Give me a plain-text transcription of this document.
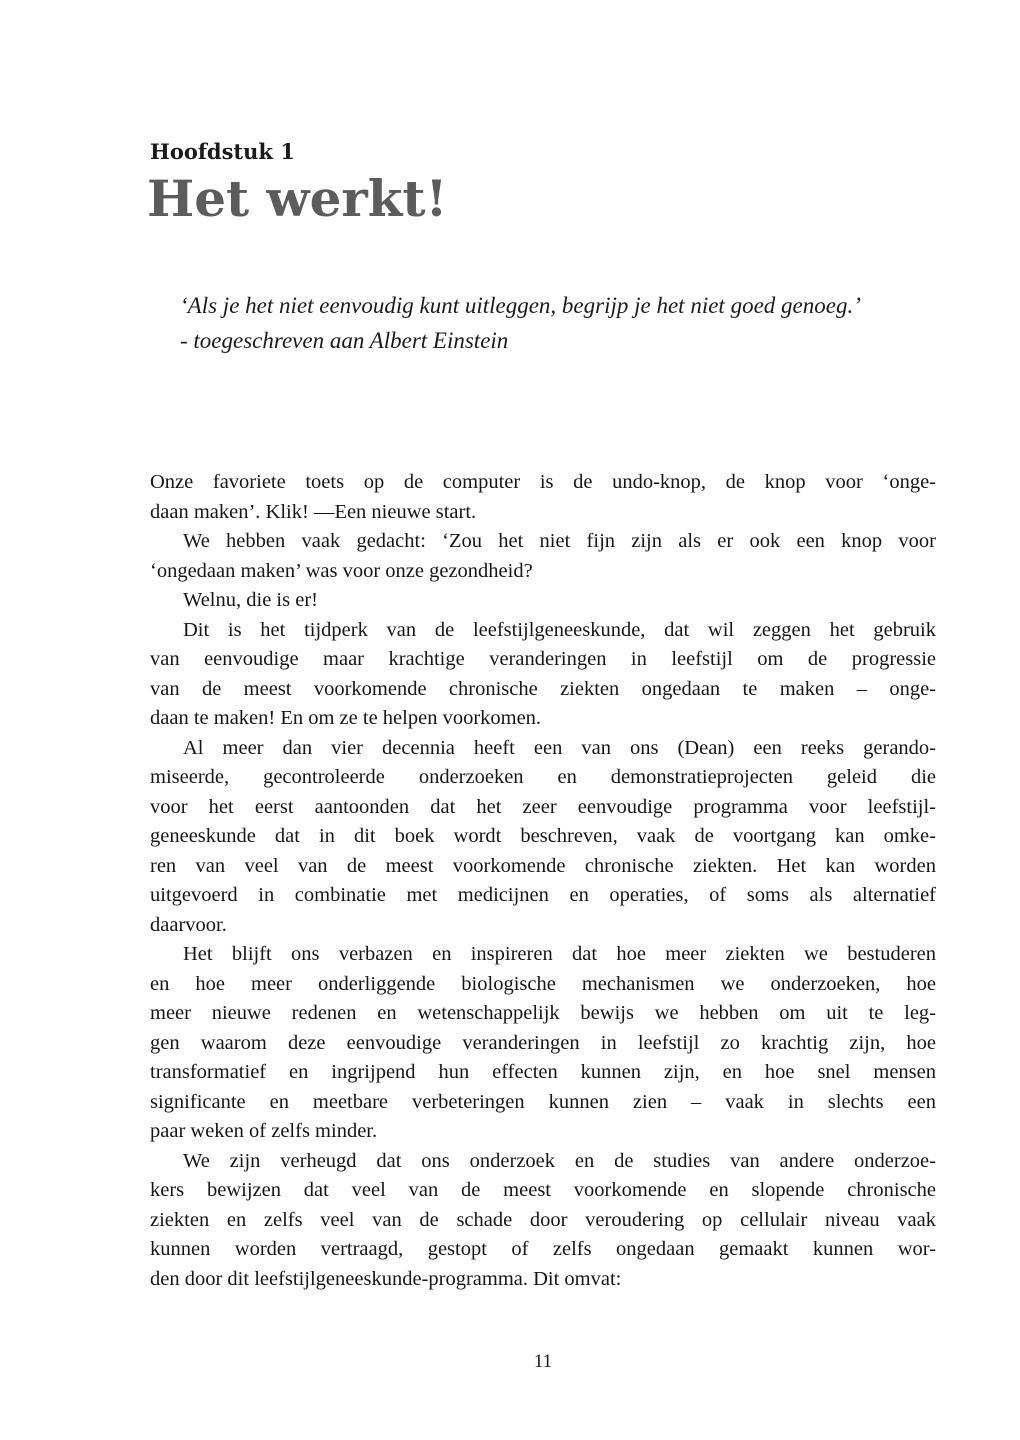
Hoofdstuk 1
Het werkt!
‘Als je het niet eenvoudig kunt uitleggen, begrijp je het niet goed genoeg.’
- toegeschreven aan Albert Einstein
Onze favoriete toets op de computer is de undo-knop, de knop voor ‘onge-
daan maken’. Klik! —Een nieuwe start.
We hebben vaak gedacht: ‘Zou het niet fijn zijn als er ook een knop voor
‘ongedaan maken’ was voor onze gezondheid?
Welnu, die is er!
Dit is het tijdperk van de leefstijlgeneeskunde, dat wil zeggen het gebruik
van eenvoudige maar krachtige veranderingen in leefstijl om de progressie
van de meest voorkomende chronische ziekten ongedaan te maken – onge-
daan te maken! En om ze te helpen voorkomen.
Al meer dan vier decennia heeft een van ons (Dean) een reeks gerando-
miseerde, gecontroleerde onderzoeken en demonstratieprojecten geleid die
voor het eerst aantoonden dat het zeer eenvoudige programma voor leefstijl-
geneeskunde dat in dit boek wordt beschreven, vaak de voortgang kan omke-
ren van veel van de meest voorkomende chronische ziekten. Het kan worden
uitgevoerd in combinatie met medicijnen en operaties, of soms als alternatief
daarvoor.
Het blijft ons verbazen en inspireren dat hoe meer ziekten we bestuderen
en hoe meer onderliggende biologische mechanismen we onderzoeken, hoe
meer nieuwe redenen en wetenschappelijk bewijs we hebben om uit te leg-
gen waarom deze eenvoudige veranderingen in leefstijl zo krachtig zijn, hoe
transformatief en ingrijpend hun effecten kunnen zijn, en hoe snel mensen
significante en meetbare verbeteringen kunnen zien – vaak in slechts een
paar weken of zelfs minder.
We zijn verheugd dat ons onderzoek en de studies van andere onderzoe-
kers bewijzen dat veel van de meest voorkomende en slopende chronische
ziekten en zelfs veel van de schade door veroudering op cellulair niveau vaak
kunnen worden vertraagd, gestopt of zelfs ongedaan gemaakt kunnen wor-
den door dit leefstijlgeneeskunde-programma. Dit omvat:
11
